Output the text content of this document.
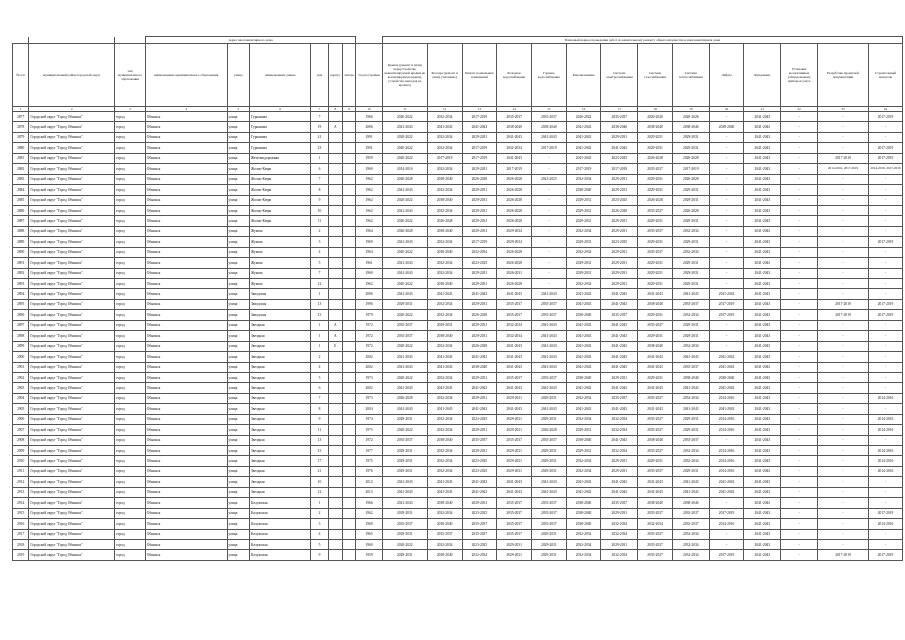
			Адрес многоквартирного дома							Плановый период проведения работ по капитальному ремонту общего имущества в многоквартирном доме													
№ п/п	муниципальный район/городской округ	тип муниципального образования	наименование муниципального образования	улица	наименование улицы	дом	корпус	литера	Год постройки	Крыша (ремонт и (или) переустройство невентилируемой крыши на вентилируемую крышу, устройство выходов на кровлю)	Фасады (ремонт и (или) утепление)	Ремонт подвальных помещений	Холодное водоснабжение	Горячее водоснабжение	Канализование	Система электроснабжения	Система газоснабжения	Система теплоснабжения	Лифты	Фундамент	Установка коллективных (общедомовых) приборов учета	Разработка проектной документации	Строительный контроль
1	2	3	4	5	6	7	8	9	10	11	12	13	14	15	16	17	18	19	20	21	22	23	24
2877	Городской округ "Город Обнинск"	город	Обнинск	улица	Гурьянова	7			1966	2020-2022	2032-2034	2017-2019	2035-2037	2035-2037	2020-2022	2035-2037	2020-2020	2020-2026	-	2041-2043	-	-	2017-2019
2878	Городской округ "Город Обнинск"	город	Обнинск	улица	Гурьянова	19	А		2006	2041-2043	2041-2043	2041-2043	2038-2040	2038-2040	2041-2043	2038-2040	2038-2040	2038-2040	2038-2040	2041-2043	-	-	-
2879	Городской округ "Город Обнинск"	город	Обнинск	улица	Гурьянова	21			1991	2020-2022	2032-2034	2029-2031	2041-2043	2041-2043	2041-2043	2029-2031	2029-2031	2029-2031	-	2041-2043	-	-	-
2880	Городской округ "Город Обнинск"	город	Обнинск	улица	Гурьянова	23			1991	2020-2022	2032-2034	2017-2019	2032-2034	2017-2019	2041-2043	2041-2043	2029-2031	2029-2031	-	2041-2043	-	-	2017-2019
2881	Городской округ "Город Обнинск"	город	Обнинск	улица	Железнодорожная	1			1959	2020-2022	2017-2019	2017-2019	2041-2043	-	2041-2043	2023-2025	2026-2028	2026-2028	-	2041-2043	-	2017-2019	2017-2019
2882	Городской округ "Город Обнинск"	город	Обнинск	улица	Жолио-Кюри	6			1960	2014-2016	2032-2034	2029-2031	2017-2019	-	2017-2019	2017-2019	2035-2037	2017-2019	-	2041-2043	-	2014-2016, 2017-2019	2014-2016, 2017-2019
2883	Городской округ "Город Обнинск"	город	Обнинск	улица	Жолио-Кюри	7			1962	2026-2028	2038-2040	2026-2028	2026-2028	2023-2025	2032-2034	2029-2031	2029-2031	2026-2028	-	2041-2043	-	-	-
2884	Городской округ "Город Обнинск"	город	Обнинск	улица	Жолио-Кюри	8			1962	2041-2043	2032-2034	2029-2031	2026-2028	-	2038-2040	2029-2031	2029-2031	2029-2031	-	2041-2043	-	-	-
2885	Городской округ "Город Обнинск"	город	Обнинск	улица	Жолио-Кюри	9			1962	2020-2022	2038-2040	2029-2031	2026-2028	-	2029-2031	2023-2025	2026-2028	2029-2031	-	2041-2043	-	-	-
2886	Городской округ "Город Обнинск"	город	Обнинск	улица	Жолио-Кюри	10			1962	2041-2043	2032-2034	2029-2031	2026-2028	-	2029-2031	2026-2028	2035-2037	2026-2028	-	2041-2043	-	-	-
2887	Городской округ "Город Обнинск"	город	Обнинск	улица	Жолио-Кюри	11			1962	2020-2022	2026-2028	2029-2031	2026-2028	-	2029-2031	2029-2031	2029-2031	2029-2031	-	2041-2043	-	-	-
2888	Городской округ "Город Обнинск"	город	Обнинск	улица	Жукова	2			1964	2026-2028	2038-2040	2029-2031	2029-2034	-	2032-2034	2029-2031	2035-2037	2032-2034	-	2041-2043	-	-	-
2889	Городской округ "Город Обнинск"	город	Обнинск	улица	Жукова	3			1969	2041-2043	2032-2034	2017-2019	2029-2034	-	2029-2031	2023-2025	2029-2031	2029-2031	-	2041-2043	-	-	2017-2019
2890	Городской округ "Город Обнинск"	город	Обнинск	улица	Жукова	4			1964	2020-2022	2038-2040	2032-2034	2026-2028	-	2032-2034	2029-2031	2035-2037	2032-2034	-	2041-2043	-	-	-
2891	Городской округ "Город Обнинск"	город	Обнинск	улица	Жукова	5			1961	2041-2043	2032-2034	2023-2025	2026-2028	-	2029-2031	2029-2031	2029-2031	2029-2031	-	2041-2043	-	-	-
2892	Городской округ "Город Обнинск"	город	Обнинск	улица	Жукова	7			1960	2041-2043	2032-2034	2029-2031	2026-2031	-	2029-2031	2029-2031	2029-2031	2029-2031	-	2041-2043	-	-	-
2893	Городской округ "Город Обнинск"	город	Обнинск	улица	Жукова	12			1962	2020-2022	2038-2040	2029-2031	2026-2028	-	2032-2034	2029-2031	2029-2031	2029-2031	-	2041-2043	-	-	-
2894	Городской округ "Город Обнинск"	город	Обнинск	улица	Заводская	1			2006	2041-2043	2041-2043	2041-2043	2041-2043	2041-2043	2041-2043	2041-2043	2041-2043	2041-2043	2041-2043	2041-2043	-	-	-
2895	Городской округ "Город Обнинск"	город	Обнинск	улица	Заводская	13			1996	2029-2031	2032-2034	2029-2031	2035-2037	2035-2037	2041-2043	2041-2043	2038-2040	2035-2037	2017-2019	2041-2043	-	2017-2019	2017-2019
2896	Городской округ "Город Обнинск"	город	Обнинск	улица	Заводская	15			1979	2020-2022	2032-2034	2026-2028	2035-2037	2035-2037	2038-2040	2035-2037	2029-2031	2032-2034	2017-2019	2041-2043	-	2017-2019	2017-2019
2897	Городской округ "Город Обнинск"	город	Обнинск	улица	Звездная	1	А		1972	2035-2037	2029-2031	2029-2031	2032-2034	2041-2043	2041-2043	2041-2043	2035-2037	2029-2031	-	2041-2043	-	-	-
2898	Городской округ "Город Обнинск"	город	Обнинск	улица	Звездная	1	А		1972	2035-2037	2038-2040	2029-2031	2032-2034	2041-2043	2041-2043	2041-2043	2029-2031	2029-2031	-	2041-2043	-	-	-
2899	Городской округ "Город Обнинск"	город	Обнинск	улица	Звездная	1	Б		1972	2020-2022	2032-2034	2026-2028	2041-2043	2041-2043	2041-2043	2041-2043	2038-2040	2032-2034	-	2041-2043	-	-	-
2900	Городской округ "Город Обнинск"	город	Обнинск	улица	Звездная	2			2002	2041-2043	2041-2043	2041-2043	2041-2043	2041-2043	2041-2043	2041-2043	2041-2043	2041-2043	2041-2043	2041-2043	-	-	-
2901	Городской округ "Город Обнинск"	город	Обнинск	улица	Звездная	4			2002	2041-2043	2041-2043	2038-2040	2041-2043	2041-2043	2041-2043	2041-2043	2041-2043	2035-2037	2041-2043	2041-2043	-	-	-
2902	Городской округ "Город Обнинск"	город	Обнинск	улица	Звездная	5			1973	2020-2022	2032-2034	2029-2031	2035-2037	2035-2037	2038-2040	2029-2031	2029-2031	2038-2040	2038-2040	2041-2043	-	-	-
2903	Городской округ "Город Обнинск"	город	Обнинск	улица	Звездная	6			2002	2041-2043	2041-2043	2041-2043	2041-2043	2041-2043	2041-2043	2041-2043	2041-2043	2041-2043	2041-2043	2041-2043	-	-	-
2904	Городской округ "Город Обнинск"	город	Обнинск	улица	Звездная	7			1973	2026-2028	2032-2034	2029-2031	2029-2031	2029-2031	2032-2034	2035-2037	2035-2037	2032-2034	2014-2016	2041-2043	-	-	2014-2016
2905	Городской округ "Город Обнинск"	город	Обнинск	улица	Звездная	8			2004	2041-2043	2041-2043	2041-2043	2041-2043	2041-2043	2041-2043	2041-2043	2041-2043	2041-2043	2041-2043	2041-2043	-	-	-
2906	Городской округ "Город Обнинск"	город	Обнинск	улица	Звездная	9			1974	2029-2031	2032-2034	2023-2025	2029-2031	2029-2031	2032-2034	2032-2034	2035-2037	2029-2031	2014-2016	2041-2043	-	-	2014-2016
2907	Городской округ "Город Обнинск"	город	Обнинск	улица	Звездная	11			1975	2020-2022	2032-2034	2029-2031	2029-2031	2026-2028	2029-2031	2032-2034	2035-2037	2029-2031	2014-2016	2041-2043	-	-	2014-2016
2908	Городской округ "Город Обнинск"	город	Обнинск	улица	Звездная	13			1972	2035-2037	2038-2040	2035-2037	2035-2037	2035-2037	2038-2040	2041-2043	2038-2040	2035-2037	-	2041-2043	-	-	-
2909	Городской округ "Город Обнинск"	город	Обнинск	улица	Звездная	15			1977	2029-2031	2032-2034	2029-2031	2029-2031	2029-2031	2029-2031	2032-2034	2035-2037	2032-2034	2014-2016	2041-2043	-	-	2014-2016
2910	Городской округ "Город Обнинск"	город	Обнинск	улица	Звездная	17			1975	2029-2031	2032-2034	2023-2025	2029-2031	2029-2031	2032-2034	2029-2031	2029-2031	2032-2034	2014-2016	2041-2043	-	-	2014-2016
2911	Городской округ "Город Обнинск"	город	Обнинск	улица	Звездная	21			1976	2029-2031	2032-2034	2023-2025	2029-2031	2029-2031	2032-2034	2029-2031	2035-2037	2029-2031	2014-2016	2041-2043	-	-	2014-2016
2912	Городской округ "Город Обнинск"	город	Обнинск	улица	Звездная	10			2012	2041-2043	2041-2043	2041-2043	2041-2043	2041-2043	2041-2043	2041-2043	2041-2043	2041-2043	2041-2043	2041-2043	-	-	-
2913	Городской округ "Город Обнинск"	город	Обнинск	улица	Звездная	12			2013	2041-2043	2041-2043	2041-2043	2041-2043	2041-2043	2041-2043	2041-2043	2041-2043	2041-2043	2041-2043	2041-2043	-	-	-
2914	Городской округ "Город Обнинск"	город	Обнинск	улица	Калужская	1			1966	2041-2043	2038-2040	2029-2031	2035-2037	2035-2037	2038-2040	2035-2037	2038-2040	2038-2040	-	2041-2043	-	-	-
2915	Городской округ "Город Обнинск"	город	Обнинск	улица	Калужская	2			1962	2029-2031	2032-2034	2023-2025	2035-2037	2035-2037	2038-2040	2029-2031	2035-2037	2035-2037	2017-2019	2041-2043	-	-	2017-2019
2916	Городской округ "Город Обнинск"	город	Обнинск	улица	Калужская	3			1960	2035-2037	2038-2040	2035-2037	2035-2037	2035-2037	2038-2040	2032-2034	2032-2034	2035-2037	2014-2016	2041-2043	-	-	2014-2016
2917	Городской округ "Город Обнинск"	город	Обнинск	улица	Калужская	4			1965	2029-2031	2035-2037	2035-2037	2035-2037	2029-2031	2032-2034	2032-2034	2035-2037	2032-2034	-	2041-2043	-	-	-
2918	Городской округ "Город Обнинск"	город	Обнинск	улица	Калужская	5			1960	2020-2022	2032-2034	2023-2025	2029-2031	2029-2031	2032-2034	2029-2031	2035-2037	2032-2034	-	2041-2043	-	-	-
2919	Городской округ "Город Обнинск"	город	Обнинск	улица	Калужская	9			1959	2029-2031	2038-2040	2032-2034	2029-2031	2029-2031	2032-2034	2032-2034	2035-2037	2032-2034	2017-2019	2041-2043	-	2017-2019	2017-2019
